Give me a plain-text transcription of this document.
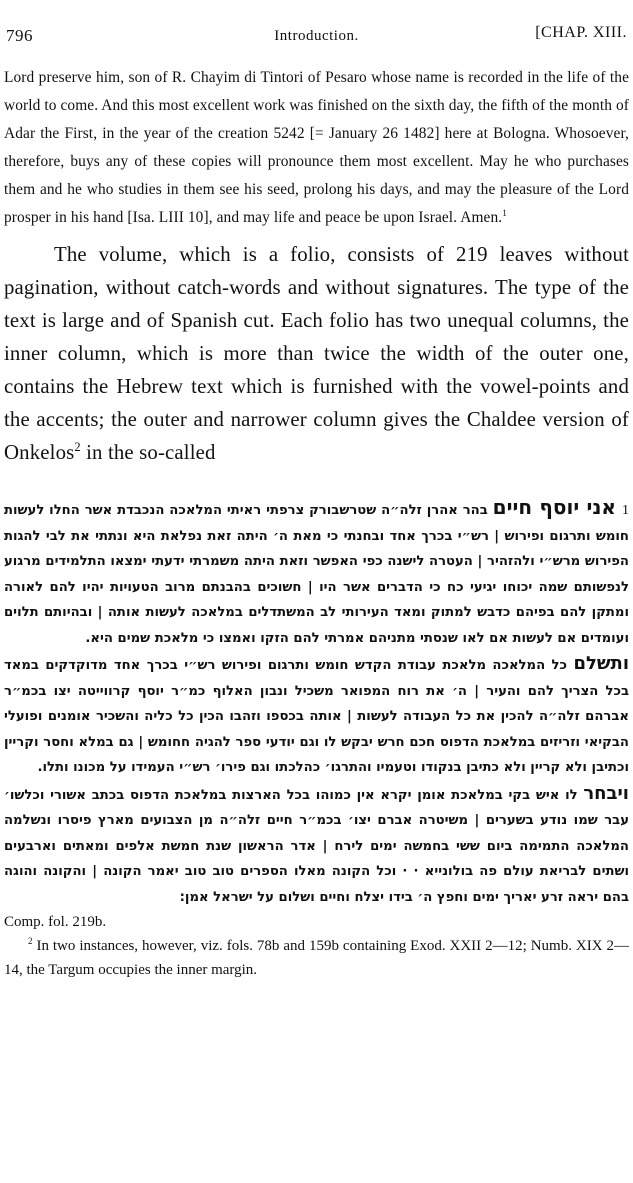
796	Introduction.	[CHAP. XIII.

Lord preserve him, son of R. Chayim di Tintori of Pesaro whose name is recorded in the life of the world to come. And this most excellent work was finished on the sixth day, the fifth of the month of Adar the First, in the year of the creation 5242 [= January 26 1482] here at Bologna. Whosoever, therefore, buys any of these copies will pronounce them most excellent. May he who purchases them and he who studies in them see his seed, prolong his days, and may the pleasure of the Lord prosper in his hand [Isa. LIII 10], and may life and peace be upon Israel. Amen.$^1$

The volume, which is a folio, consists of 219 leaves without pagination, without catch-words and without signatures. The type of the text is large and of Spanish cut. Each folio has two unequal columns, the inner column, which is more than twice the width of the outer one, contains the Hebrew text which is furnished with the vowel-points and the accents; the outer and narrower column gives the Chaldee version of Onkelos$^2$ in the so-called

1אני יוסף חיים בהר אהרן זלה״ה שטרשבורק צרפתי ראיתי המלאכה הנכבדת אשר החלו לעשות חומש ותרגום ופירוש | רש״י בכרך אחד ובחנתי כי מאת ה׳ היתה זאת נפלאת היא ונתתי את לבי להגות הפירוש מרש״י ולהזהיר | העטרה לישנה כפי האפשר וזאת היתה משמרתי ידעתי ימצאו התלמידים מרגוע לנפשותם שמה יכוחו יגיעי כח כי הדברים אשר היו | חשוכים בהבנתם מרוב הטעויות יהיו להם לאורה ומתקן להם בפיהם כדבש למתוק ומאד העירותי לב המשתדלים במלאכה לעשות אותה | ובהיותם תלוים ועומדים אם לעשות אם לאו שנסתי מתניהם אמרתי להם הזקו ואמצו כי מלאכת שמים היא.

ותשלם כל המלאכה מלאכת עבודת הקדש חומש ותרגום ופירוש רש״י בכרך אחד מדוקדקים במאד בכל הצריך להם והעיר | ה׳ את רוח המפואר משכיל ונבון האלוף כמ״ר יוסף קרווייטה יצו בכמ״ר אברהם זלה״ה להכין את כל העבודה לעשות | אותה בכספו וזהבו הכין כל כליה והשכיר אומנים ופועלי הבקיאי וזריזים במלאכת הדפוס חכם חרש יבקש לו וגם יודעי ספר להגיה חחומש | גם במלא וחסר וקריין וכתיבן ולא קריין ולא כתיבן בנקודו וטעמיו והתרגו׳ כהלכתו וגם פירו׳ רש״י העמידו על מכונו ותלו.

ויבחר לו איש בקי במלאכת אומן יקרא אין כמוהו בכל הארצות במלאכת הדפוס בכתב אשורי וכלשו׳ עבר שמו נודע בשערים | משיטרה אברם יצו׳ בכמ״ר חיים זלה״ה מן הצבועים מארץ פיסרו ונשלמה המלאכה התמימה ביום ששי בחמשה ימים לירח | אדר הראשון שנת חמשת אלפים ומאתים וארבעים ושתים לבריאת עולם פה בולונייא · · וכל הקונה מאלו הספרים טוב טוב יאמר הקונה | והקונה והוגה בהם יראה זרע יאריך ימים וחפץ ה׳ בידו יצלח וחיים ושלום על ישראל אמן:

Comp. fol. 219b.

$^2$ In two instances, however, viz. fols. 78b and 159b containing Exod. XXII 2—12; Numb. XIX 2—14, the Targum occupies the inner margin.
